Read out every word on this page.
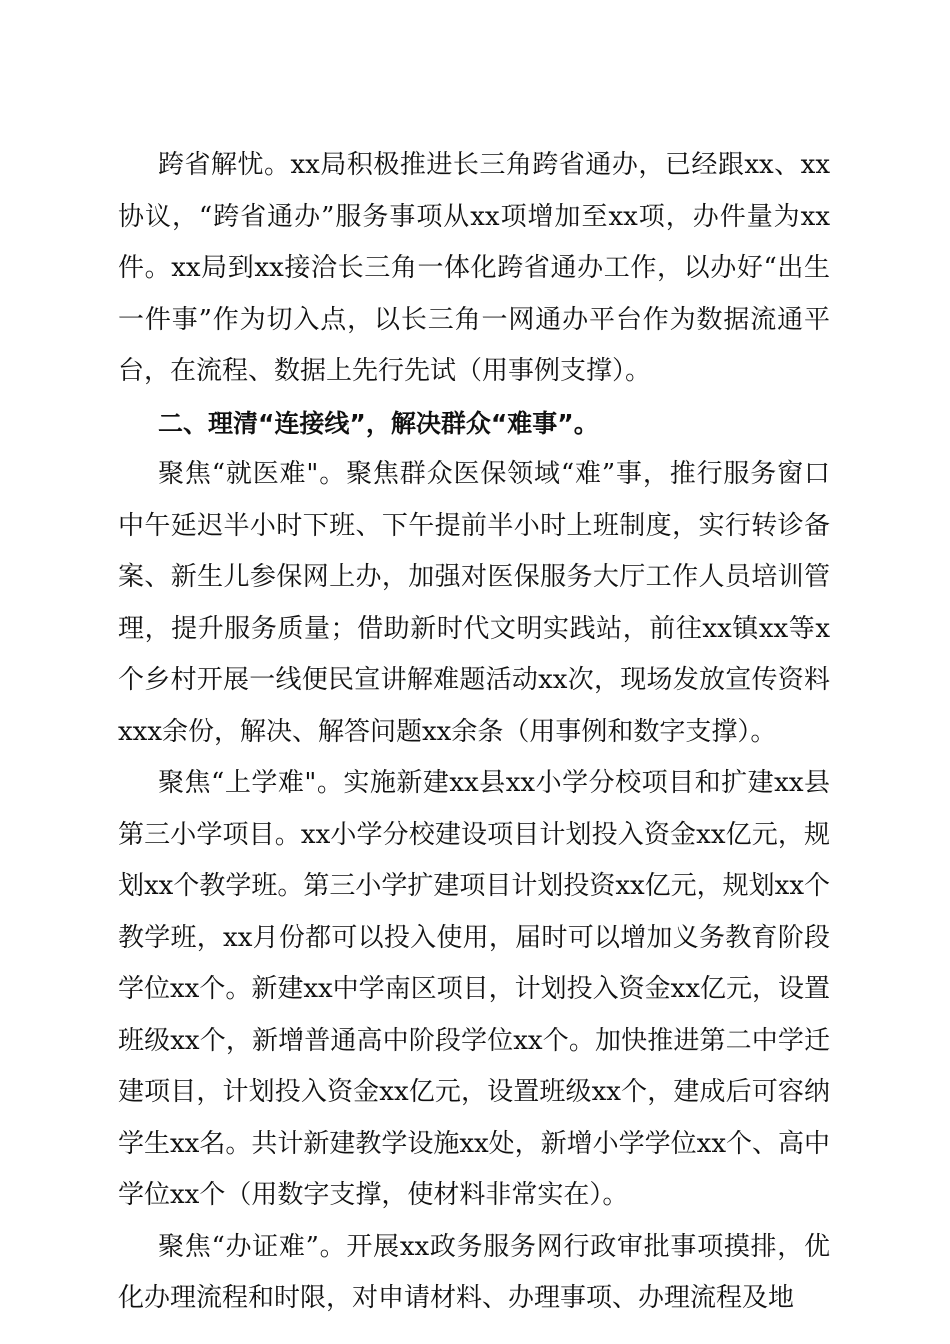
跨省解忧。xx局积极推进长三角跨省通办，已经跟xx、xx协议，“跨省通办”服务事项从xx项增加至xx项，办件量为xx件。xx局到xx接洽长三角一体化跨省通办工作，以办好“出生一件事”作为切入点，以长三角一网通办平台作为数据流通平台，在流程、数据上先行先试（用事例支撑）。

二、理清“连接线”，解决群众“难事”。

聚焦“就医难"。聚焦群众医保领域“难”事，推行服务窗口中午延迟半小时下班、下午提前半小时上班制度，实行转诊备案、新生儿参保网上办，加强对医保服务大厅工作人员培训管理，提升服务质量；借助新时代文明实践站，前往xx镇xx等x个乡村开展一线便民宣讲解难题活动xx次，现场发放宣传资料xxx余份，解决、解答问题xx余条（用事例和数字支撑）。

聚焦“上学难"。实施新建xx县xx小学分校项目和扩建xx县第三小学项目。xx小学分校建设项目计划投入资金xx亿元，规划xx个教学班。第三小学扩建项目计划投资xx亿元，规划xx个教学班，xx月份都可以投入使用，届时可以增加义务教育阶段学位xx个。新建xx中学南区项目，计划投入资金xx亿元，设置班级xx个，新增普通高中阶段学位xx个。加快推进第二中学迁建项目，计划投入资金xx亿元，设置班级xx个，建成后可容纳学生xx名。共计新建教学设施xx处，新增小学学位xx个、高中学位xx个（用数字支撑，使材料非常实在）。

聚焦“办证难”。开展xx政务服务网行政审批事项摸排，优化办理流程和时限，对申请材料、办理事项、办理流程及地
